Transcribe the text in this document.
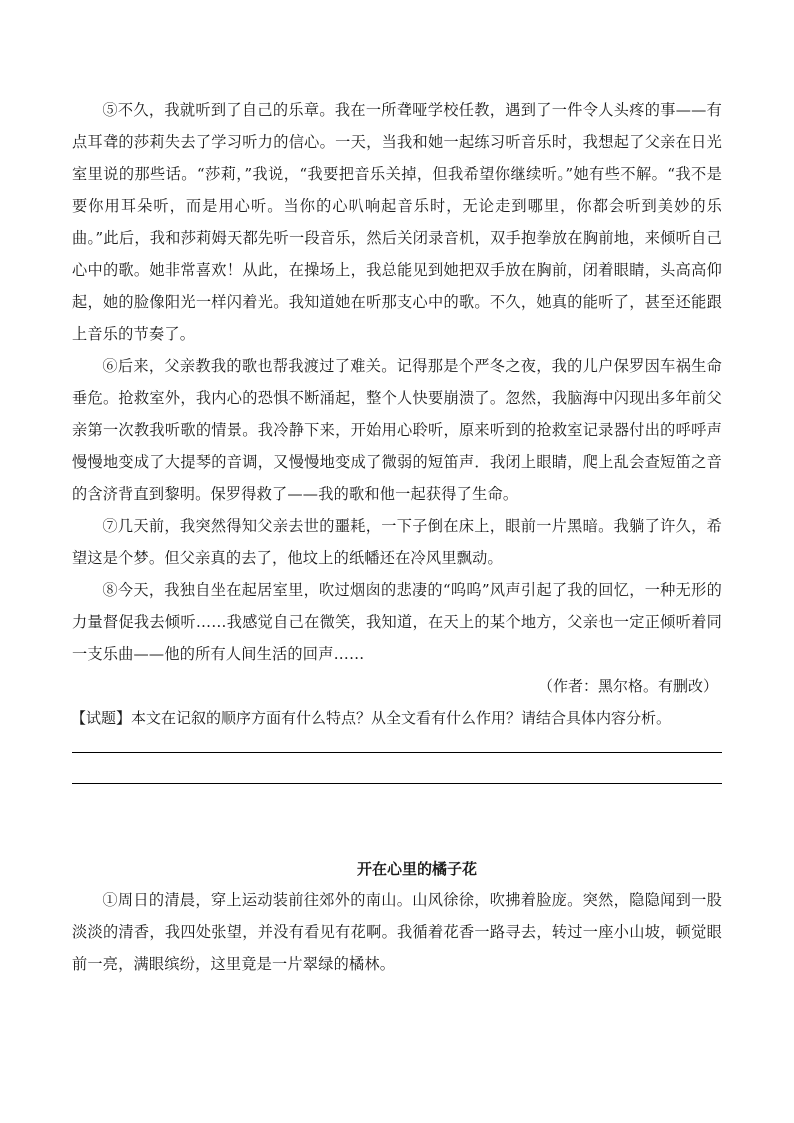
⑤不久，我就听到了自己的乐章。我在一所聋哑学校任教，遇到了一件令人头疼的事——有点耳聋的莎莉失去了学习听力的信心。一天，当我和她一起练习听音乐时，我想起了父亲在日光室里说的那些话。“莎莉，”我说，“我要把音乐关掉，但我希望你继续听。”她有些不解。“我不是要你用耳朵听，而是用心听。当你的心叭响起音乐时，无论走到哪里，你都会听到美妙的乐曲。”此后，我和莎莉姆天都先听一段音乐，然后关闭录音机，双手抱拳放在胸前地，来倾听自己心中的歌。她非常喜欢！从此，在操场上，我总能见到她把双手放在胸前，闭着眼睛，头高高仰起，她的脸像阳光一样闪着光。我知道她在听那支心中的歌。不久，她真的能听了，甚至还能跟上音乐的节奏了。

⑥后来，父亲教我的歌也帮我渡过了难关。记得那是个严冬之夜，我的儿户保罗因车祸生命垂危。抢救室外，我内心的恐惧不断涌起，整个人快要崩溃了。忽然，我脑海中闪现出多年前父亲第一次教我听歌的情景。我冷静下来，开始用心聆听，原来听到的抢救室记录器付出的呼呼声慢慢地变成了大提琴的音调，又慢慢地变成了微弱的短笛声．我闭上眼睛，爬上乱会查短笛之音的含济背直到黎明。保罗得救了——我的歌和他一起获得了生命。

⑦几天前，我突然得知父亲去世的噩耗，一下子倒在床上，眼前一片黑暗。我躺了许久，希望这是个梦。但父亲真的去了，他坟上的纸幡还在冷风里飘动。

⑧今天，我独自坐在起居室里，吹过烟囱的悲凄的“呜呜”风声引起了我的回忆，一种无形的力量督促我去倾听……我感觉自己在微笑，我知道，在天上的某个地方，父亲也一定正倾听着同一支乐曲——他的所有人间生活的回声……

（作者：黑尔格。有删改）

【试题】本文在记叙的顺序方面有什么特点？从全文看有什么作用？请结合具体内容分析。

开在心里的橘子花

①周日的清晨，穿上运动装前往郊外的南山。山风徐徐，吹拂着脸庞。突然，隐隐闻到一股淡淡的清香，我四处张望，并没有看见有花啊。我循着花香一路寻去，转过一座小山坡，顿觉眼前一亮，满眼缤纷，这里竟是一片翠绿的橘林。
